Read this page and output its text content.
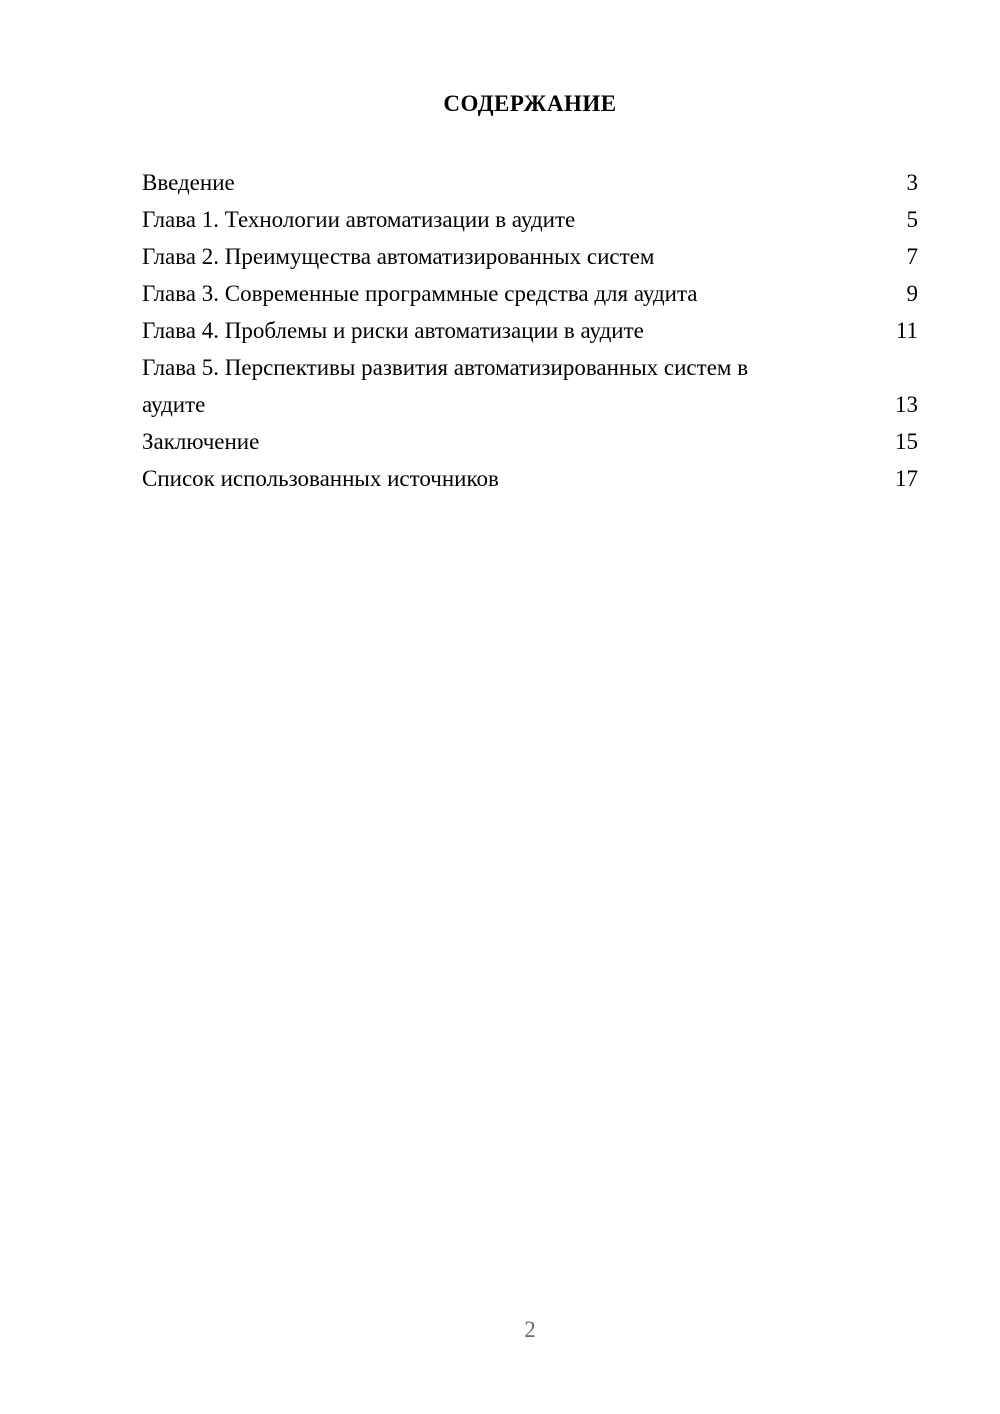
СОДЕРЖАНИЕ
Введение	3
Глава 1. Технологии автоматизации в аудите	5
Глава 2. Преимущества автоматизированных систем	7
Глава 3. Современные программные средства для аудита	9
Глава 4. Проблемы и риски автоматизации в аудите	11
Глава 5. Перспективы развития автоматизированных систем в аудите	13
Заключение	15
Список использованных источников	17
2
